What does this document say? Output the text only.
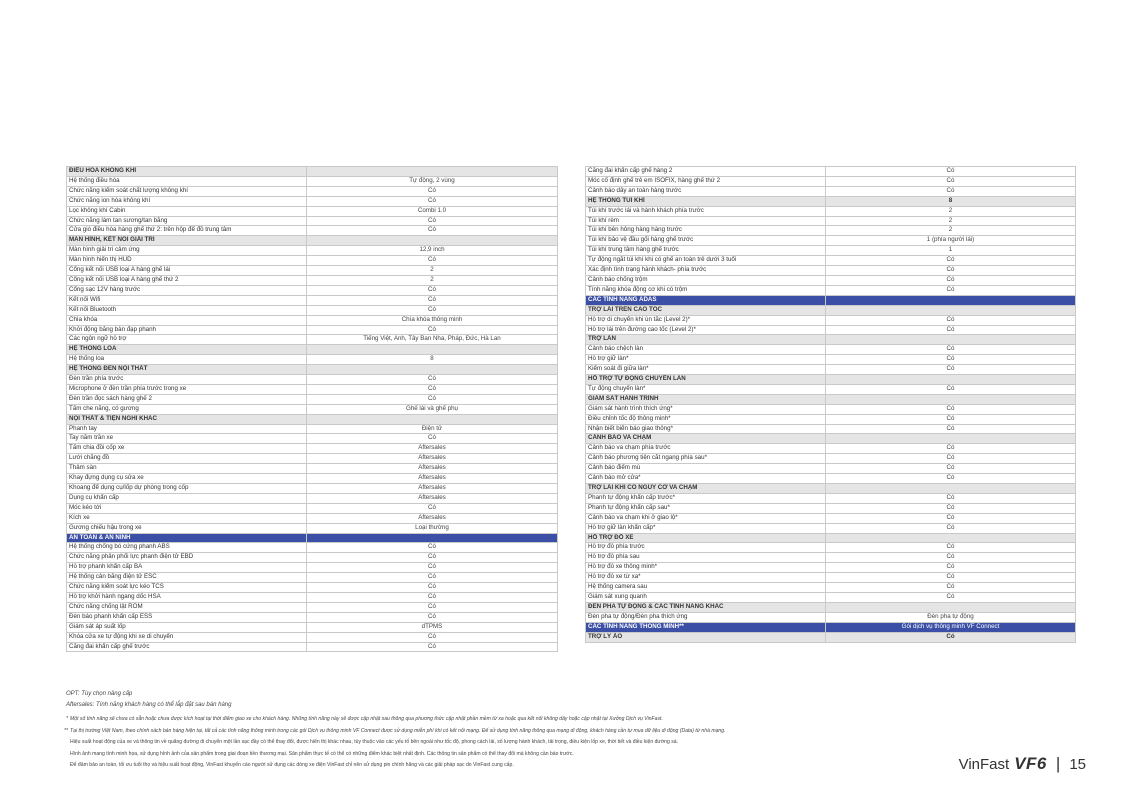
ĐIỀU HÒA KHÔNG KHÍ	
Hệ thống điều hòa	Tự động, 2 vùng
Chức năng kiểm soát chất lượng không khí	Có
Chức năng ion hóa không khí	Có
Lọc không khí Cabin	Combi 1.0
Chức năng làm tan sương/tan băng	Có
Cửa gió điều hòa hàng ghế thứ 2: trên hộp để đồ trung tâm	Có
MÀN HÌNH, KẾT NỐI GIẢI TRÍ	
Màn hình giải trí cảm ứng	12,9 inch
Màn hình hiển thị HUD	Có
Cổng kết nối USB loại A hàng ghế lái	2
Cổng kết nối USB loại A hàng ghế thứ 2	2
Cổng sạc 12V hàng trước	Có
Kết nối Wifi	Có
Kết nối Bluetooth	Có
Chìa khóa	Chìa khóa thông minh
Khởi động bằng bàn đạp phanh	Có
Các ngôn ngữ hỗ trợ	Tiếng Việt, Anh, Tây Ban Nha, Pháp, Đức, Hà Lan
HỆ THỐNG LOA	
Hệ thống loa	8
HỆ THỐNG ĐÈN NỘI THẤT	
Đèn trần phía trước	Có
Microphone ở đèn trần phía trước trong xe	Có
Đèn trần đọc sách hàng ghế 2	Có
Tấm che nắng, có gương	Ghế lái và ghế phụ
NỘI THẤT & TIỆN NGHI KHÁC	
Phanh tay	Điện tử
Tay nắm trần xe	Có
Tấm chia đồi cốp xe	Aftersales
Lưới chằng đồ	Aftersales
Thảm sàn	Aftersales
Khay đựng dụng cụ sửa xe	Aftersales
Khoang để dụng cụ/lốp dự phòng trong cốp	Aftersales
Dụng cụ khẩn cấp	Aftersales
Móc kéo tới	Có
Kích xe	Aftersales
Gương chiếu hậu trong xe	Loại thường
AN TOÀN & AN NINH	
Hệ thống chống bó cứng phanh ABS	Có
Chức năng phân phối lực phanh điện tử EBD	Có
Hỗ trợ phanh khẩn cấp BA	Có
Hệ thống cân bằng điện tử ESC	Có
Chức năng kiểm soát lực kéo TCS	Có
Hỗ trợ khởi hành ngang dốc HSA	Có
Chức năng chống lật ROM	Có
Đèn báo phanh khẩn cấp ESS	Có
Giám sát áp suất lốp	dTPMS
Khóa cửa xe tự động khi xe di chuyển	Có
Căng đai khẩn cấp ghế trước	Có
Căng đai khẩn cấp ghế hàng 2	Có
Móc cố định ghế trẻ em ISOFIX, hàng ghế thứ 2	Có
Cảnh báo dây an toàn hàng trước	Có
HỆ THỐNG TÚI KHÍ	8
Túi khí trước lái và hành khách phía trước	2
Túi khí rèm	2
Túi khí bên hông hàng hàng trước	2
Túi khí bảo vệ đầu gối hàng ghế trước	1 (phía người lái)
Túi khí trung tâm hàng ghế trước	1
Tự động ngắt túi khí khi có ghế an toàn trẻ dưới 3 tuổi	Có
Xác định tình trạng hành khách- phía trước	Có
Cảnh báo chống trộm	Có
Tính năng khóa động cơ khi có trộm	Có
CÁC TÍNH NĂNG ADAS	
TRỢ LÁI TRÊN CAO TỐC	
Hỗ trợ di chuyển khi ùn tắc (Level 2)*	Có
Hỗ trợ lái trên đường cao tốc (Level 2)*	Có
TRỢ LÀN	
Cảnh báo chệch làn	Có
Hỗ trợ giữ làn*	Có
Kiểm soát đi giữa làn*	Có
HỖ TRỢ TỰ ĐỘNG CHUYỂN LÀN	
Tự động chuyển làn*	Có
GIÁM SÁT HÀNH TRÌNH	
Giám sát hành trình thích ứng*	Có
Điều chỉnh tốc độ thông minh*	Có
Nhận biết biển báo giao thông*	Có
CẢNH BÁO VA CHẠM	
Cảnh báo va chạm phía trước	Có
Cảnh báo phương tiện cắt ngang phía sau*	Có
Cảnh báo điểm mù	Có
Cảnh báo mở cửa*	Có
TRỢ LÁI KHI CÓ NGUY CƠ VA CHẠM	
Phanh tự động khẩn cấp trước*	Có
Phanh tự động khẩn cấp sau*	Có
Cảnh báo va chạm khi ở giao lộ*	Có
Hỗ trợ giữ làn khẩn cấp*	Có
HỖ TRỢ ĐỖ XE	
Hỗ trợ đỗ phía trước	Có
Hỗ trợ đỗ phía sau	Có
Hỗ trợ đỗ xe thông minh*	Có
Hỗ trợ đỗ xe từ xa*	Có
Hệ thống camera sau	Có
Giám sát xung quanh	Có
ĐÈN PHA TỰ ĐỘNG & CÁC TÍNH NĂNG KHÁC	
Đèn pha tự động/Đèn pha thích ứng	Đèn pha tự động
CÁC TÍNH NĂNG THÔNG MINH**	Gói dịch vụ thông minh VF Connect
TRỢ LÝ ẢO	Có
OPT: Tùy chọn nâng cấp
Aftersales: Tính năng khách hàng có thể lắp đặt sau bán hàng
* Một số tính năng sẽ chưa có sẵn hoặc chưa được kích hoạt tại thời điểm giao xe cho khách hàng. Những tính năng này sẽ được cập nhật sau thông qua phương thức cập nhật phần mềm từ xa hoặc qua kết nối không dây hoặc cập nhật tại Xưởng Dịch vụ VinFast.
** Tại thị trường Việt Nam, theo chính sách bán hàng hiện tại, tất cả các tính năng thông minh trong các gói Dịch vụ thông minh VF Connect được sử dụng miễn phí khi có kết nối mạng. Để sử dụng tính năng thông qua mạng di động, khách hàng cần tự mua dữ liệu di động (Data) từ nhà mạng.
Hiệu suất hoạt động của xe và thông tin về quãng đường di chuyển một lần sạc đầy có thể thay đổi, được hiển thị khác nhau, tùy thuộc vào các yếu tố bên ngoài như tốc độ, phong cách lái, số lượng hành khách, tải trọng, điều kiện lốp xe, thời tiết và điều kiện đường sá.
Hình ảnh mang tính minh họa, sử dụng hình ảnh của sản phẩm trong giai đoạn tiền thương mại. Sản phẩm thực tế có thể có những điểm khác biệt nhất định. Các thông tin sản phẩm có thể thay đổi mà không cần báo trước.
Để đảm bảo an toàn, tối ưu tuổi thọ và hiệu suất hoạt động, VinFast khuyến cáo người sử dụng các dòng xe điện VinFast chỉ nên sử dụng pin chính hãng và các giải pháp sạc do VinFast cung cấp.	VinFast VF6 | 15
